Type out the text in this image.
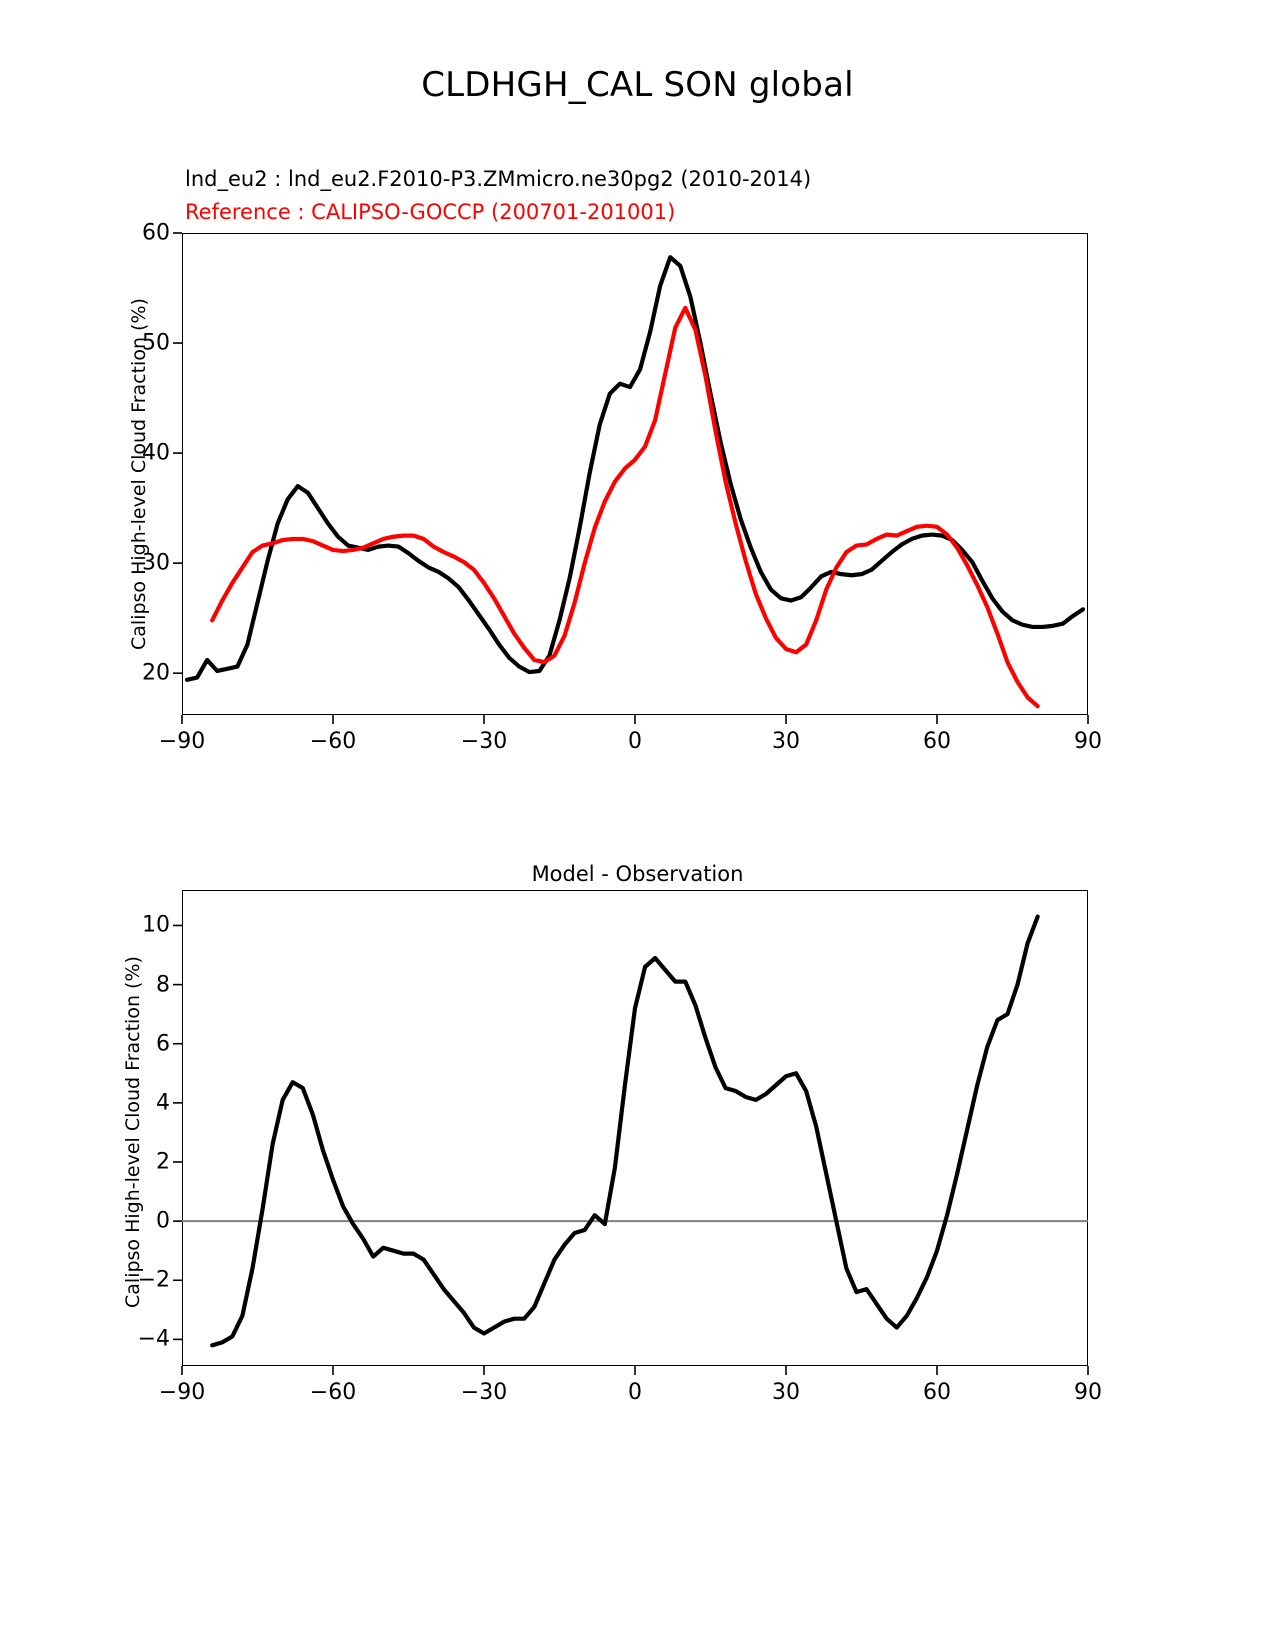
CLDHGH_CAL SON global
lnd_eu2 : lnd_eu2.F2010-P3.ZMmicro.ne30pg2 (2010-2014)
Reference : CALIPSO-GOCCP (200701-201001)
Calipso High-level Cloud Fraction (%)
−90	−60	−30	0	30	60	90
20
30
40
50
60
Model - Observation
Calipso High-level Cloud Fraction (%)
−90	−60	−30	0	30	60	90
−4
−2
0
2
4
6
8
10
